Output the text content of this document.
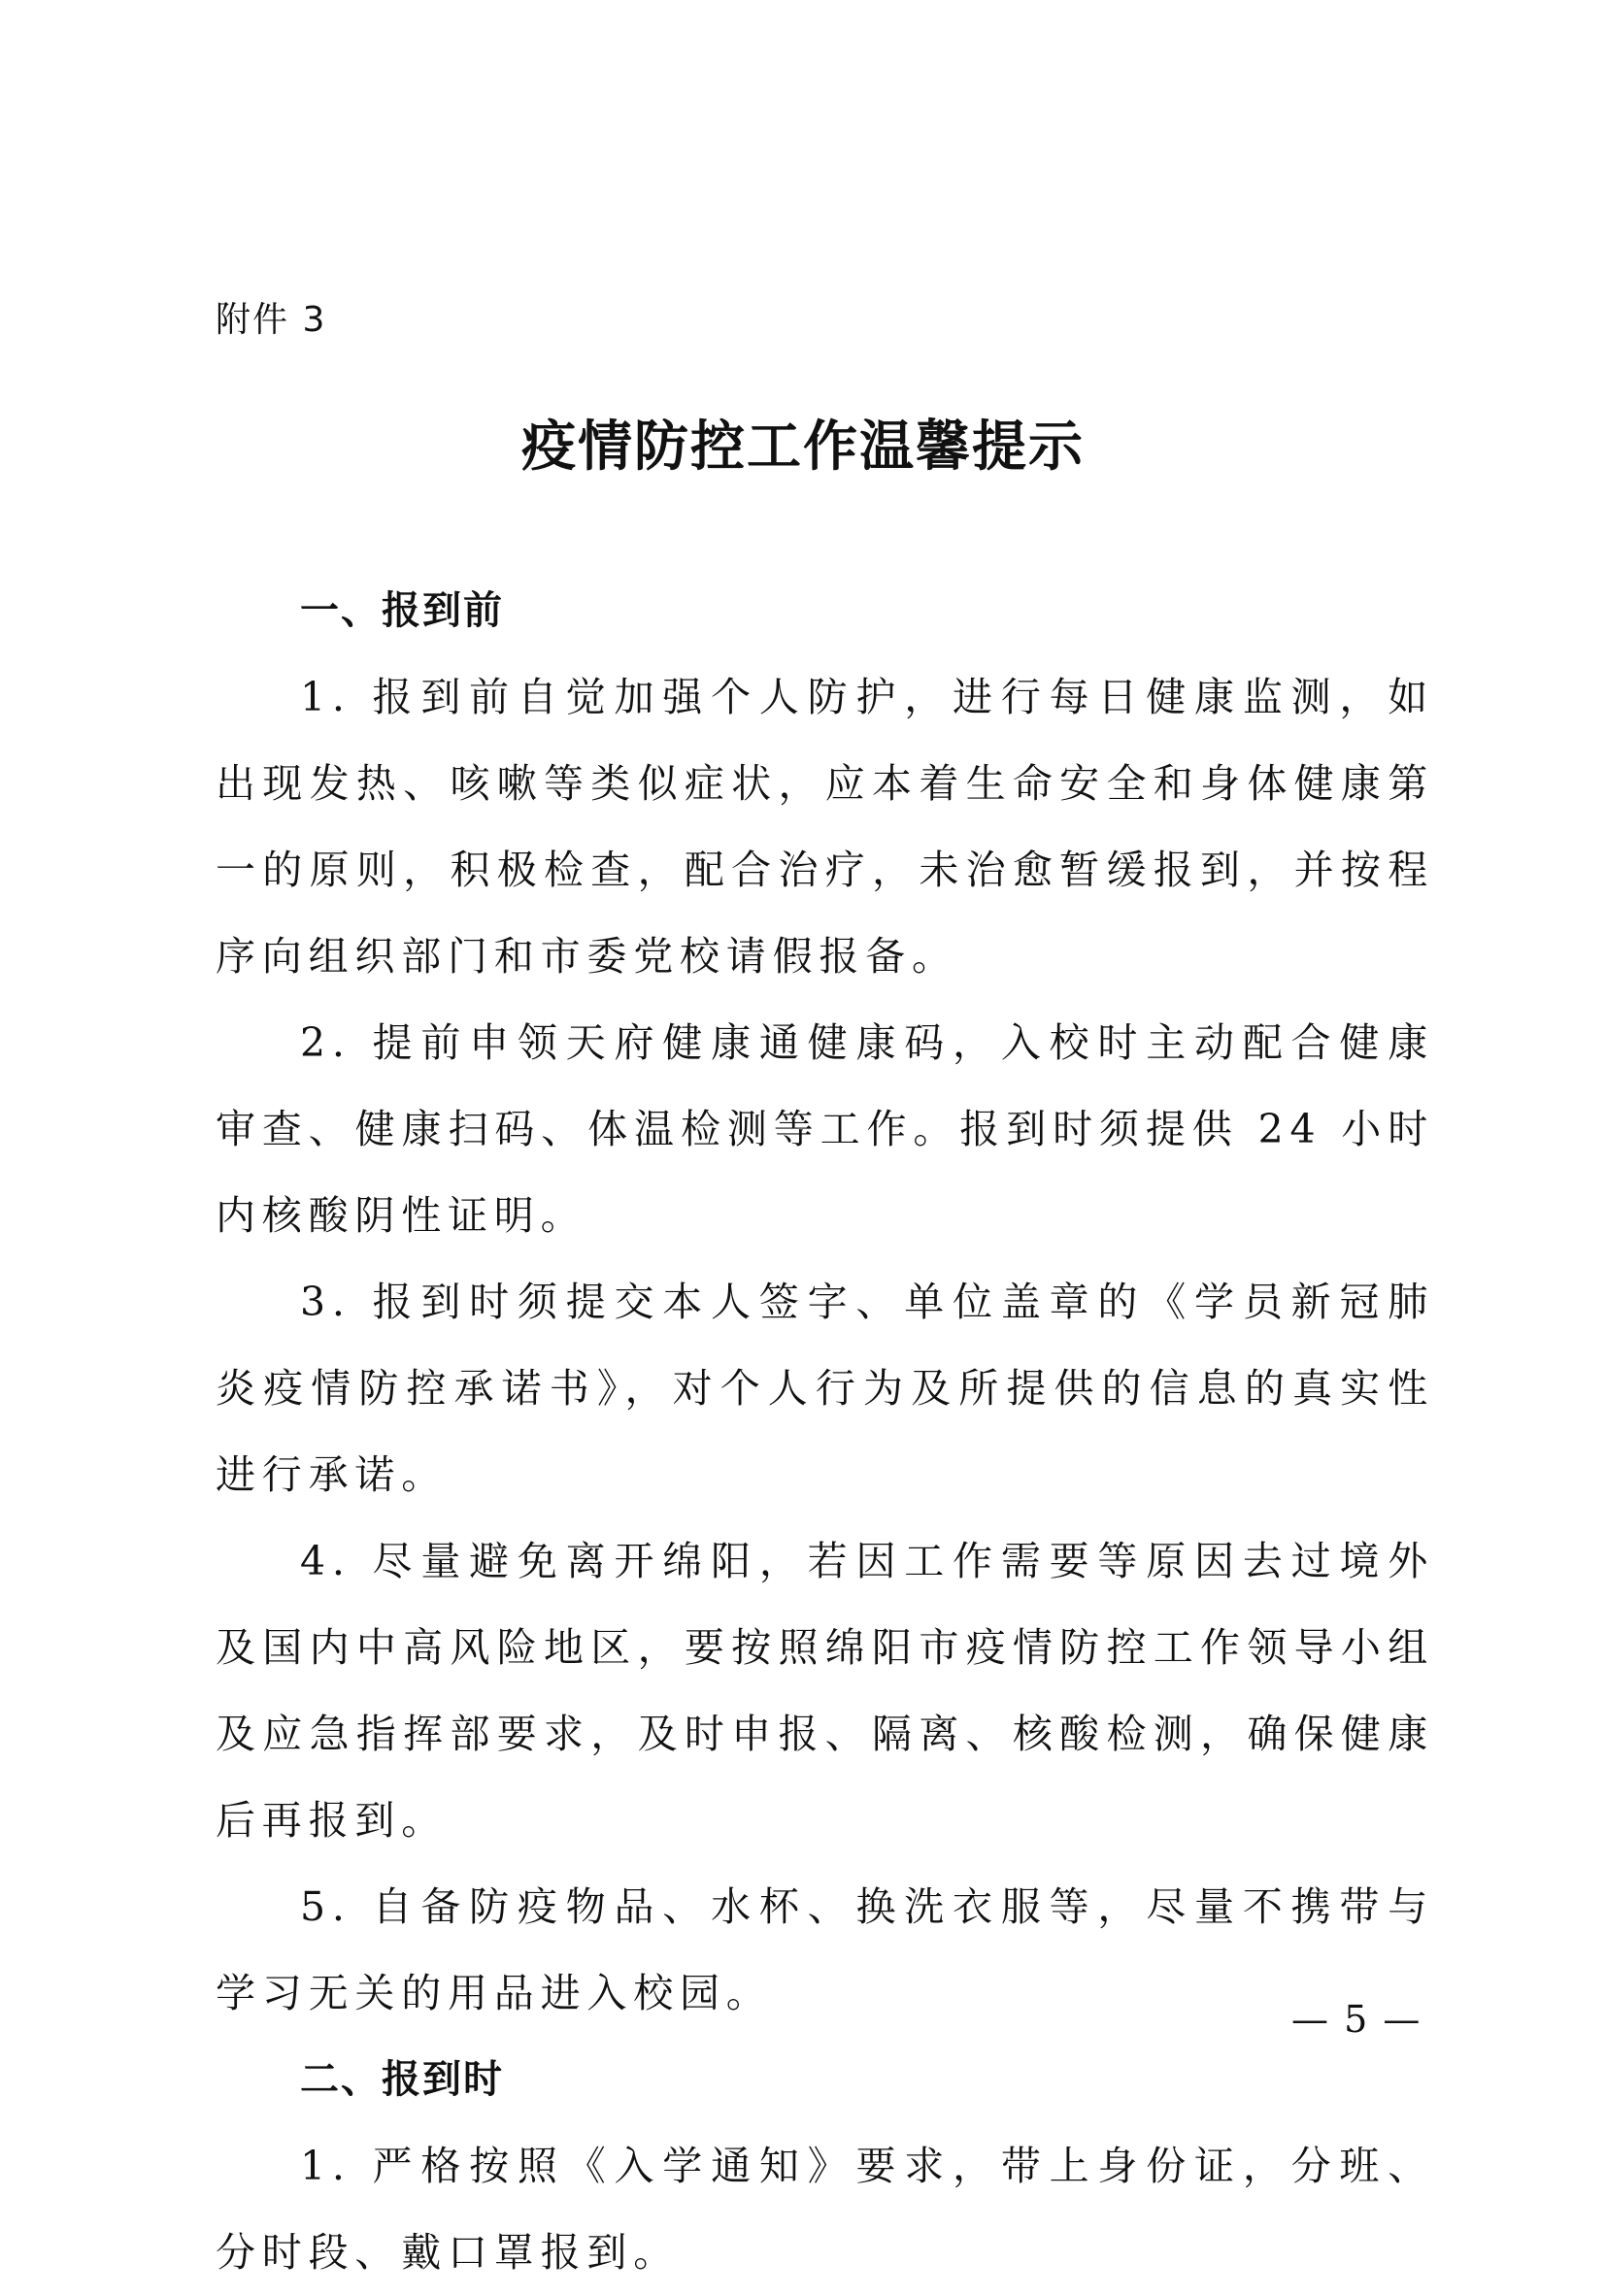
附件 3
疫情防控工作温馨提示
一、报到前

1. 报到前自觉加强个人防护，进行每日健康监测，如出现发热、咳嗽等类似症状，应本着生命安全和身体健康第一的原则，积极检查，配合治疗，未治愈暂缓报到，并按程序向组织部门和市委党校请假报备。

2. 提前申领天府健康通健康码，入校时主动配合健康审查、健康扫码、体温检测等工作。报到时须提供 24 小时内核酸阴性证明。

3. 报到时须提交本人签字、单位盖章的《学员新冠肺炎疫情防控承诺书》，对个人行为及所提供的信息的真实性进行承诺。

4. 尽量避免离开绵阳，若因工作需要等原因去过境外及国内中高风险地区，要按照绵阳市疫情防控工作领导小组及应急指挥部要求，及时申报、隔离、核酸检测，确保健康后再报到。

5. 自备防疫物品、水杯、换洗衣服等，尽量不携带与学习无关的用品进入校园。

二、报到时

1. 严格按照《入学通知》要求，带上身份证，分班、分时段、戴口罩报到。

— 5 —
